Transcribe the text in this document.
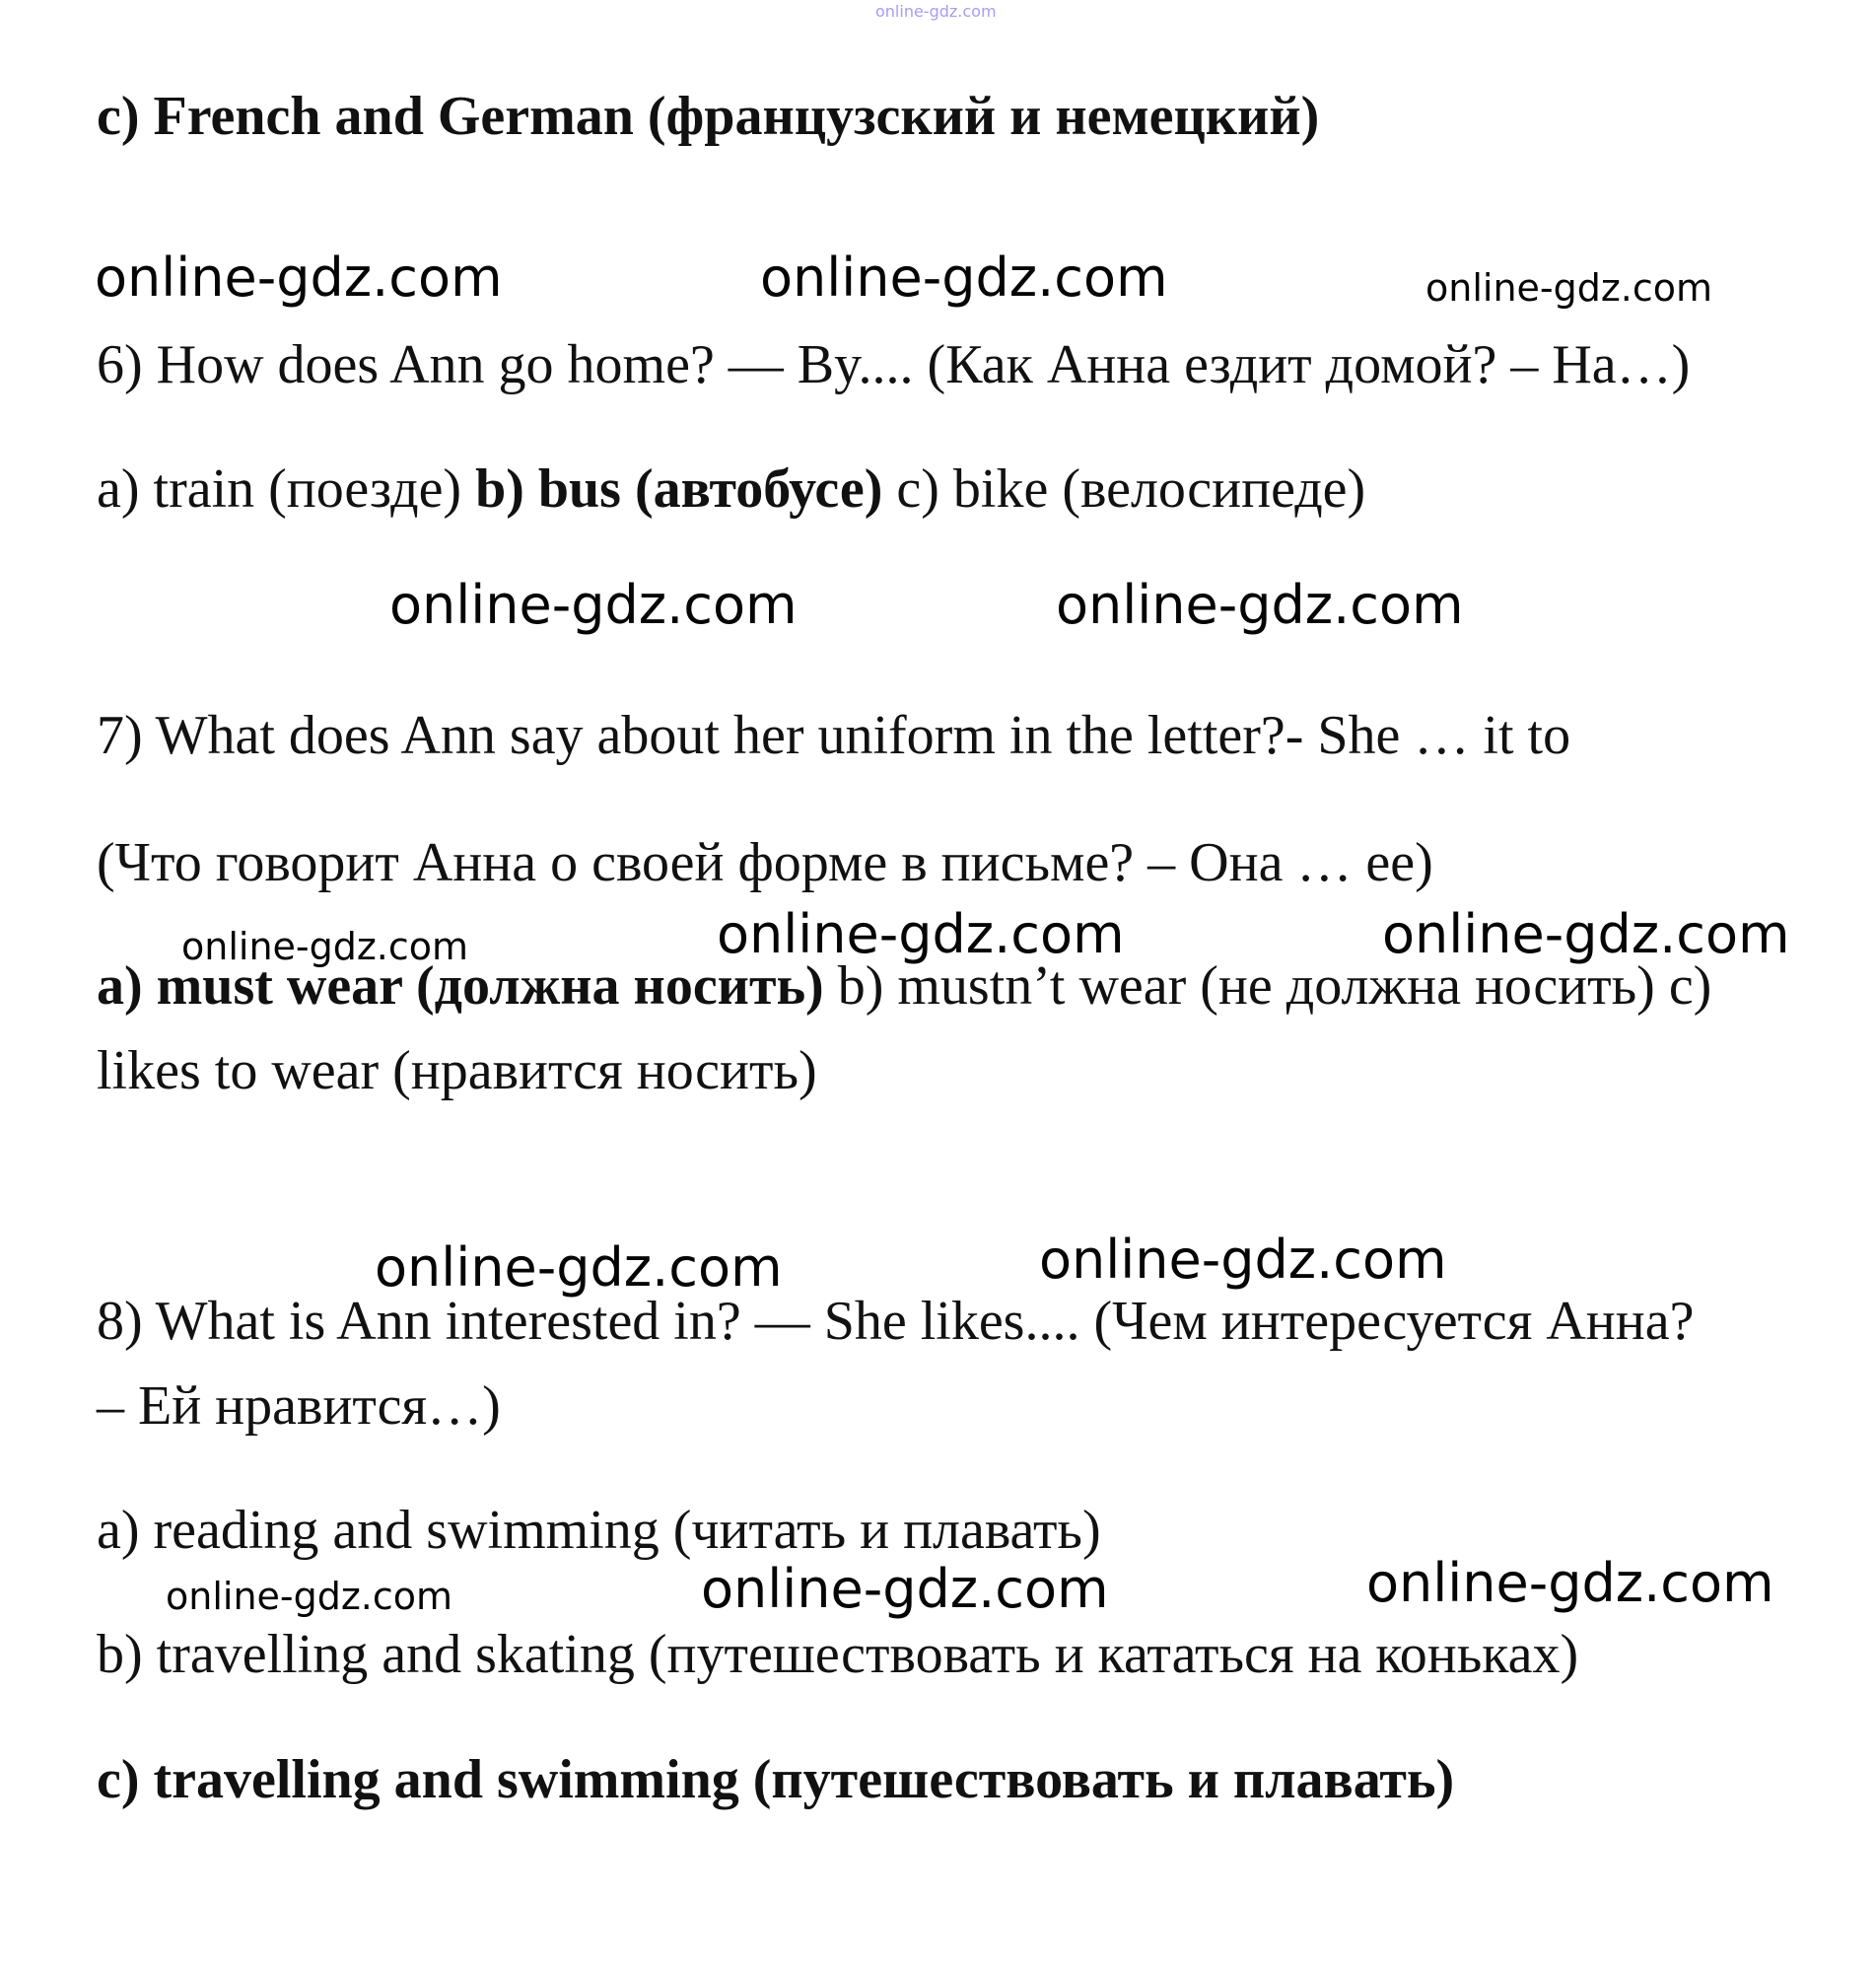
online-gdz.com
c) French and German (французский и немецкий)
online-gdz.com	online-gdz.com	online-gdz.com
6) How does Ann go home? — By.... (Как Анна ездит домой? – На…)
a) train (поезде) b) bus (автобусе) c) bike (велосипеде)
online-gdz.com	online-gdz.com
7) What does Ann say about her uniform in the letter?- She … it to
(Что говорит Анна о своей форме в письме? – Она … ее)
online-gdz.com	online-gdz.com	online-gdz.com
a) must wear (должна носить) b) mustn’t wear (не должна носить) c)
likes to wear (нравится носить)
online-gdz.com	online-gdz.com
8) What is Ann interested in? — She likes.... (Чем интересуется Анна?
– Ей нравится…)
a) reading and swimming (читать и плавать)
online-gdz.com	online-gdz.com	online-gdz.com
b) travelling and skating (путешествовать и кататься на коньках)
c) travelling and swimming (путешествовать и плавать)
